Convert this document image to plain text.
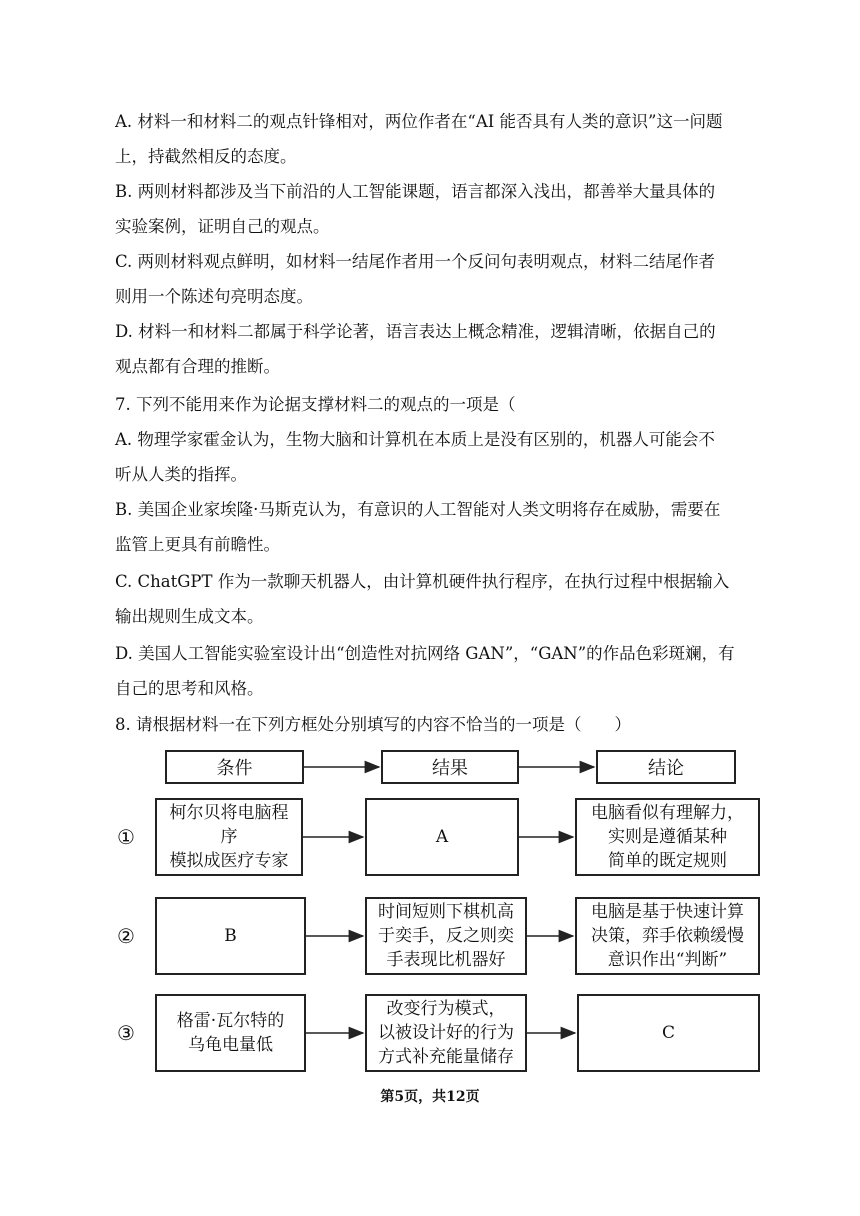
A. 材料一和材料二的观点针锋相对，两位作者在“AI 能否具有人类的意识”这一问题
上，持截然相反的态度。
B. 两则材料都涉及当下前沿的人工智能课题，语言都深入浅出，都善举大量具体的
实验案例，证明自己的观点。
C. 两则材料观点鲜明，如材料一结尾作者用一个反问句表明观点，材料二结尾作者
则用一个陈述句亮明态度。
D. 材料一和材料二都属于科学论著，语言表达上概念精准，逻辑清晰，依据自己的
观点都有合理的推断。
7. 下列不能用来作为论据支撑材料二的观点的一项是（
A. 物理学家霍金认为，生物大脑和计算机在本质上是没有区别的，机器人可能会不
听从人类的指挥。
B. 美国企业家埃隆·马斯克认为，有意识的人工智能对人类文明将存在威胁，需要在
监管上更具有前瞻性。
C. ChatGPT 作为一款聊天机器人，由计算机硬件执行程序，在执行过程中根据输入
输出规则生成文本。
D. 美国人工智能实验室设计出“创造性对抗网络 GAN”，“GAN”的作品色彩斑斓，有
自己的思考和风格。
8. 请根据材料一在下列方框处分别填写的内容不恰当的一项是（　　）
条件	结果	结论
①
柯尔贝将电脑程序
模拟成医疗专家
A
电脑看似有理解力，
实则是遵循某种
简单的既定规则
②	B
时间短则下棋机高
于奕手，反之则奕
手表现比机器好
电脑是基于快速计算
决策，弈手依赖缓慢
意识作出“判断”
③ 格雷·瓦尔特的
乌龟电量低
改变行为模式，
以被设计好的行为
方式补充能量储存
C
第5页，共12页
